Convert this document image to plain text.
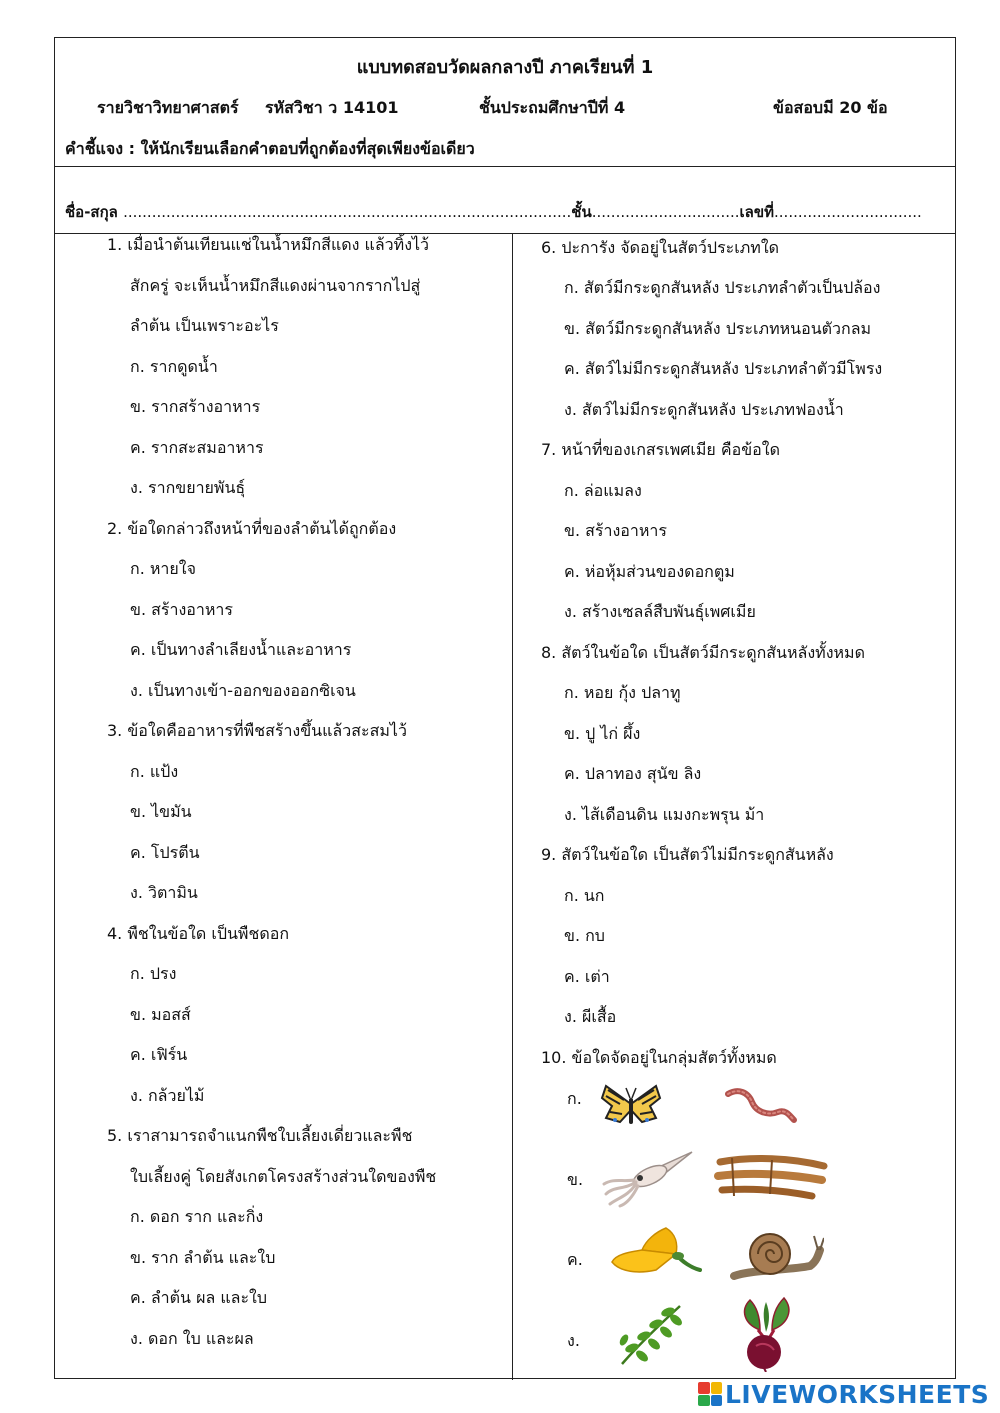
แบบทดสอบวัดผลกลางปี ภาคเรียนที่ 1
รายวิชาวิทยาศาสตร์ รหัสวิชา ว 14101	ชั้นประถมศึกษาปีที่ 4	ข้อสอบมี 20 ข้อ
คำชี้แจง : ให้นักเรียนเลือกคำตอบที่ถูกต้องที่สุดเพียงข้อเดียว
ชื่อ-สกุล ..............................................................................................ชั้น...............................เลขที่...............................
1. เมื่อนำต้นเทียนแช่ในน้ำหมึกสีแดง แล้วทิ้งไว้
สักครู่ จะเห็นน้ำหมึกสีแดงผ่านจากรากไปสู่
ลำต้น เป็นเพราะอะไร
ก. รากดูดน้ำ
ข. รากสร้างอาหาร
ค. รากสะสมอาหาร
ง. รากขยายพันธุ์
2. ข้อใดกล่าวถึงหน้าที่ของลำต้นได้ถูกต้อง
ก. หายใจ
ข. สร้างอาหาร
ค. เป็นทางลำเลียงน้ำและอาหาร
ง. เป็นทางเข้า-ออกของออกซิเจน
3. ข้อใดคืออาหารที่พืชสร้างขึ้นแล้วสะสมไว้
ก. แป้ง
ข. ไขมัน
ค. โปรตีน
ง. วิตามิน
4. พืชในข้อใด เป็นพืชดอก
ก. ปรง
ข. มอสส์
ค. เฟิร์น
ง. กล้วยไม้
5. เราสามารถจำแนกพืชใบเลี้ยงเดี่ยวและพืช
ใบเลี้ยงคู่ โดยสังเกตโครงสร้างส่วนใดของพืช
ก. ดอก ราก และกิ่ง
ข. ราก ลำต้น และใบ
ค. ลำต้น ผล และใบ
ง. ดอก ใบ และผล
6. ปะการัง จัดอยู่ในสัตว์ประเภทใด
ก. สัตว์มีกระดูกสันหลัง ประเภทลำตัวเป็นปล้อง
ข. สัตว์มีกระดูกสันหลัง ประเภทหนอนตัวกลม
ค. สัตว์ไม่มีกระดูกสันหลัง ประเภทลำตัวมีโพรง
ง. สัตว์ไม่มีกระดูกสันหลัง ประเภทฟองน้ำ
7. หน้าที่ของเกสรเพศเมีย คือข้อใด
ก. ล่อแมลง
ข. สร้างอาหาร
ค. ห่อหุ้มส่วนของดอกตูม
ง. สร้างเซลล์สืบพันธุ์เพศเมีย
8. สัตว์ในข้อใด เป็นสัตว์มีกระดูกสันหลังทั้งหมด
ก. หอย กุ้ง ปลาทู
ข. ปู ไก่ ผึ้ง
ค. ปลาทอง สุนัข ลิง
ง. ไส้เดือนดิน แมงกะพรุน ม้า
9. สัตว์ในข้อใด เป็นสัตว์ไม่มีกระดูกสันหลัง
ก. นก
ข. กบ
ค. เต่า
ง. ผีเสื้อ
10. ข้อใดจัดอยู่ในกลุ่มสัตว์ทั้งหมด
ก.
ข.
ค.
ง.
LIVEWORKSHEETS
